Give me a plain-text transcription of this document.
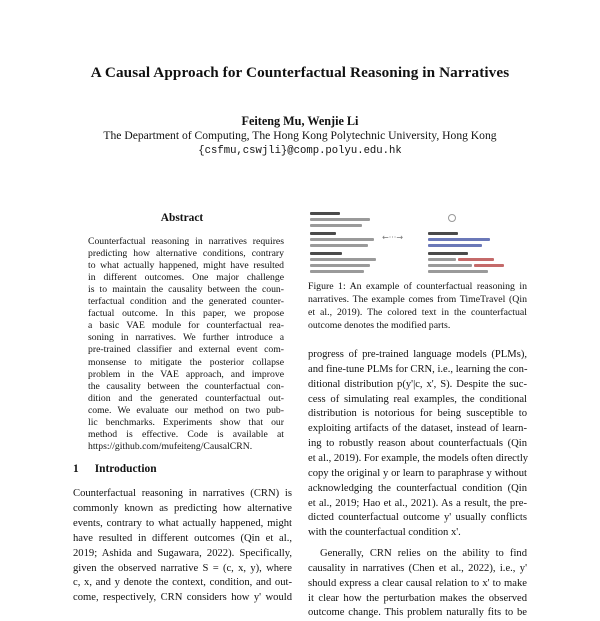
A Causal Approach for Counterfactual Reasoning in Narratives
Feiteng Mu, Wenjie Li
The Department of Computing, The Hong Kong Polytechnic University, Hong Kong
{csfmu,cswjli}@comp.polyu.edu.hk
Abstract
Counterfactual reasoning in narratives requires
predicting how alternative conditions, contrary
to what actually happened, might have resulted
in different outcomes. One major challenge
is to maintain the causality between the coun-
terfactual condition and the generated counter-
factual outcome. In this paper, we propose
a basic VAE module for counterfactual rea-
soning in narratives. We further introduce a
pre-trained classifier and external event com-
monsense to mitigate the posterior collapse
problem in the VAE approach, and improve
the causality between the counterfactual con-
dition and the generated counterfactual out-
come. We evaluate our method on two pub-
lic benchmarks. Experiments show that our
method is effective. Code is available at
https://github.com/mufeiteng/CausalCRN.
1 Introduction
Counterfactual reasoning in narratives (CRN) is
commonly known as predicting how alternative
events, contrary to what actually happened, might
have resulted in different outcomes (Qin et al.,
2019; Ashida and Sugawara, 2022). Specifically,
given the observed narrative S = (c, x, y), where
c, x, and y denote the context, condition, and out-
come, respectively, CRN considers how y' would
←···→
Figure 1: An example of counterfactual reasoning in
narratives. The example comes from TimeTravel (Qin
et al., 2019). The colored text in the counterfactual
outcome denotes the modified parts.
progress of pre-trained language models (PLMs),
and fine-tune PLMs for CRN, i.e., learning the con-
ditional distribution p(y'|c, x', S). Despite the suc-
cess of simulating real examples, the conditional
distribution is notorious for being susceptible to
exploiting artifacts of the dataset, instead of learn-
ing to robustly reason about counterfactuals (Qin
et al., 2019). For example, the models often directly
copy the original y or learn to paraphrase y without
acknowledging the counterfactual condition (Qin
et al., 2019; Hao et al., 2021). As a result, the pre-
dicted counterfactual outcome y' usually conflicts
with the counterfactual condition x'.
Generally, CRN relies on the ability to find
causality in narratives (Chen et al., 2022), i.e., y'
should express a clear causal relation to x' to make
it clear how the perturbation makes the observed
outcome change. This problem naturally fits to be
